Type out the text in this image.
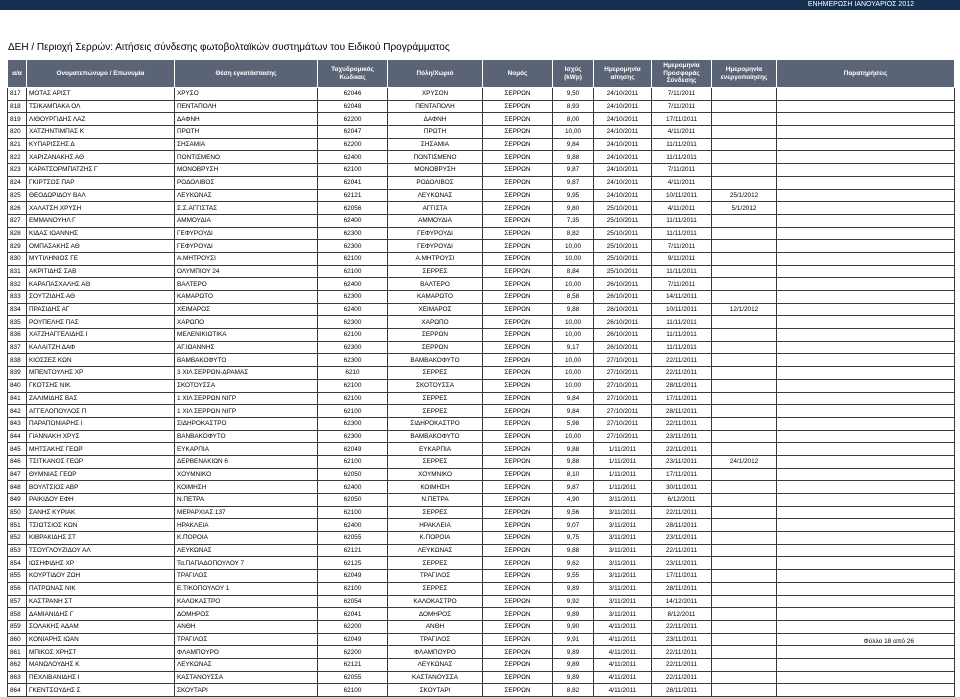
ΕΝΗΜΕΡΩΣΗ ΙΑΝΟΥΑΡΙΟΣ 2012
ΔΕΗ / Περιοχή Σερρών: Αιτήσεις σύνδεσης φωτοβολταϊκών συστημάτων του Ειδικού Προγράμματος
α/α	Ονοματεπώνυμο / Επωνυμία	Θέση εγκατάστασης	Ταχυδρομικός Κώδικας	Πόλη/Χωριό	Νομός	Ισχύς (kWp)	Ημερομηνία αίτησης	Ημερομηνία Προσφοράς Σύνδεσης	Ημερομηνία ενεργοποίησης	Παρατηρήσεις
817	ΜΟΤΑΣ ΑΡΙΣΤ	ΧΡΥΣΟ	62046	ΧΡΥΣΟΝ	ΣΕΡΡΩΝ	9,50	24/10/2011	7/11/2011		
818	ΤΣΙΚΑΜΠΑΚΑ ΟΛ	ΠΕΝΤΑΠΟΛΗ	62048	ΠΕΝΤΑΠΟΛΗ	ΣΕΡΡΩΝ	8,93	24/10/2011	7/11/2011		
819	ΛΙΘΟΥΡΓΙΔΗΣ ΛΑΖ	ΔΑΦΝΗ	62200	ΔΑΦΝΗ	ΣΕΡΡΩΝ	8,00	24/10/2011	17/11/2011		
820	ΧΑΤΖΗΝΤΙΜΠΑΣ Κ	ΠΡΩΤΗ	62047	ΠΡΩΤΗ	ΣΕΡΡΩΝ	10,00	24/10/2011	4/11/2011		
821	ΚΥΠΑΡΙΣΣΗΣ Δ	ΣΗΣΑΜΙΑ	62200	ΣΗΣΑΜΙΑ	ΣΕΡΡΩΝ	9,84	24/10/2011	11/11/2011		
822	ΧΑΡΙΖΑΝΑΚΗΣ ΑΘ	ΠΟΝΤΙΣΜΕΝΟ	62400	ΠΟΝΤΙΣΜΕΝΟ	ΣΕΡΡΩΝ	9,88	24/10/2011	11/11/2011		
823	ΚΑΡΑΤΣΟΡΜΠΑΤΖΗΣ Γ	ΜΟΝΟΒΡΥΣΗ	62100	ΜΟΝΟΒΡΥΣΗ	ΣΕΡΡΩΝ	9,87	24/10/2011	7/11/2011		
824	ΓΚΙΡΤΣΟΣ ΠΑΡ	ΡΟΔΟΛΙΒΟΣ	62041	ΡΟΔΟΛΙΒΟΣ	ΣΕΡΡΩΝ	9,87	24/10/2011	4/11/2011		
825	ΘΕΟΔΩΡΙΔΟΥ ΒΑΛ	ΛΕΥΚΩΝΑΣ	62121	ΛΕΥΚΩΝΑΣ	ΣΕΡΡΩΝ	9,95	24/10/2011	10/11/2011	25/1/2012	
826	ΧΑΛΑΤΣΗ ΧΡΥΣΗ	Σ.Σ.ΑΓΓΙΣΤΑΣ	62056	ΑΓΓΙΣΤΑ	ΣΕΡΡΩΝ	9,80	25/10/2011	4/11/2011	5/1/2012	
827	ΕΜΜΑΝΟΥΗΛ Γ	ΑΜΜΟΥΔΙΑ	62400	ΑΜΜΟΥΔΙΑ	ΣΕΡΡΩΝ	7,35	25/10/2011	11/11/2011		
828	ΚΙΔΑΣ ΙΩΑΝΝΗΣ	ΓΕΦΥΡΟΥΔΙ	62300	ΓΕΦΥΡΟΥΔΙ	ΣΕΡΡΩΝ	8,82	25/10/2011	11/11/2011		
829	ΟΜΠΑΣΑΚΗΣ ΑΘ	ΓΕΦΥΡΟΥΔΙ	62300	ΓΕΦΥΡΟΥΔΙ	ΣΕΡΡΩΝ	10,00	25/10/2011	7/11/2011		
830	ΜΥΤΙΛΗΝΙΟΣ ΓΕ	Α.ΜΗΤΡΟΥΣΙ	62100	Α.ΜΗΤΡΟΥΣΙ	ΣΕΡΡΩΝ	10,00	25/10/2011	9/11/2011		
831	ΑΚΡΙΤΙΔΗΣ ΣΑΒ	ΟΛΥΜΠΙΟΥ 24	62100	ΣΕΡΡΕΣ	ΣΕΡΡΩΝ	8,84	25/10/2011	11/11/2011		
832	ΚΑΡΑΠΑΣΧΑΛΗΣ ΑΘ	ΒΑΛΤΕΡΟ	62400	ΒΑΛΤΕΡΟ	ΣΕΡΡΩΝ	10,00	26/10/2011	7/11/2011		
833	ΣΟΥΤΖΙΔΗΣ ΑΘ	ΚΑΜΑΡΩΤΟ	62300	ΚΑΜΑΡΩΤΟ	ΣΕΡΡΩΝ	8,58	26/10/2011	14/11/2011		
834	ΠΡΑΣΙΔΗΣ ΑΓ	ΧΕΙΜΑΡΟΣ	62400	ΧΕΙΜΑΡΟΣ	ΣΕΡΡΩΝ	9,88	26/10/2011	10/11/2011	12/1/2012	
835	ΡΟΥΠΕΛΗΣ ΠΑΣ	ΧΑΡΩΠΟ	62300	ΧΑΡΩΠΟ	ΣΕΡΡΩΝ	10,00	26/10/2011	11/11/2011		
836	ΧΑΤΖΗΑΓΓΕΛΙΔΗΣ Ι	ΜΕΛΕΝΙΚΙΩΤΙΚΑ	62100	ΣΕΡΡΩΝ	ΣΕΡΡΩΝ	10,00	26/10/2011	11/11/2011		
837	ΚΑΛΑΙΤΖΗ ΔΑΦ	ΑΓ.ΙΩΑΝΝΗΣ	62300	ΣΕΡΡΩΝ	ΣΕΡΡΩΝ	9,17	26/10/2011	11/11/2011		
838	ΚΙΟΣΣΕΣ ΚΩΝ	ΒΑΜΒΑΚΟΦΥΤΟ	62300	ΒΑΜΒΑΚΟΦΥΤΟ	ΣΕΡΡΩΝ	10,00	27/10/2011	22/11/2011		
839	ΜΠΕΝΤΟΥΛΗΣ ΧΡ	3 ΧΙΛ ΣΕΡΡΩΝ-ΔΡΑΜΑΣ	6210	ΣΕΡΡΕΣ	ΣΕΡΡΩΝ	10,00	27/10/2011	22/11/2011		
840	ΓΚΟΤΣΗΣ ΝΙΚ	ΣΚΟΤΟΥΣΣΑ	62100	ΣΚΟΤΟΥΣΣΑ	ΣΕΡΡΩΝ	10,00	27/10/2011	28/11/2011		
841	ΖΑΛΙΜΙΔΗΣ ΒΑΣ	1 ΧΙΛ ΣΕΡΡΩΝ ΝΙΓΡ	62100	ΣΕΡΡΕΣ	ΣΕΡΡΩΝ	9,84	27/10/2011	17/11/2011		
842	ΑΓΓΕΛΟΠΟΥΛΟΣ Π	1 ΧΙΛ ΣΕΡΡΩΝ ΝΙΓΡ	62100	ΣΕΡΡΕΣ	ΣΕΡΡΩΝ	9,84	27/10/2011	28/11/2011		
843	ΠΑΡΑΠΟΝΙΑΡΗΣ Ι	ΣΙΔΗΡΟΚΑΣΤΡΟ	62300	ΣΙΔΗΡΟΚΑΣΤΡΟ	ΣΕΡΡΩΝ	5,98	27/10/2011	22/11/2011		
844	ΓΙΑΝΝΑΚΗ ΧΡΥΣ	ΒΑΝΒΑΚΟΦΥΤΟ	62300	ΒΑΜΒΑΚΟΦΥΤΟ	ΣΕΡΡΩΝ	10,00	27/10/2011	23/11/2011		
845	ΜΗΤΣΑΚΗΣ ΓΕΩΡ	ΕΥΚΑΡΠΙΑ	62049	ΕΥΚΑΡΠΙΑ	ΣΕΡΡΩΝ	9,88	1/11/2011	22/11/2011		
846	ΤΣΙΤΚΑΝΟΣ ΓΕΩΡ	ΔΕΡΒΕΝΑΚΙΩΝ 6	62100	ΣΕΡΡΕΣ	ΣΕΡΡΩΝ	9,88	1/11/2011	23/11/2011	24/1/2012	
847	ΘΥΜΝΙΑΣ ΓΕΩΡ	ΧΟΥΜΝΙΚΟ	62050	ΧΟΥΜΝΙΚΟ	ΣΕΡΡΩΝ	8,10	1/11/2011	17/11/2011		
848	ΒΟΥΛΤΣΙΟΣ ΑΒΡ	ΚΟΙΜΗΣΗ	62400	ΚΟΙΜΗΣΗ	ΣΕΡΡΩΝ	9,87	1/11/2011	30/11/2011		
849	ΡΑΙΚΙΔΟΥ ΕΦΗ	Ν.ΠΕΤΡΑ	62050	Ν.ΠΕΤΡΑ	ΣΕΡΡΩΝ	4,90	3/11/2011	6/12/2011		
850	ΣΑΝΗΣ ΚΥΡΙΑΚ	ΜΕΡΑΡΧΙΑΣ 137	62100	ΣΕΡΡΕΣ	ΣΕΡΡΩΝ	9,56	3/11/2011	22/11/2011		
851	ΤΣΙΩΤΣΙΟΣ ΚΩΝ	ΗΡΑΚΛΕΙΑ	62400	ΗΡΑΚΛΕΙΑ	ΣΕΡΡΩΝ	9,07	3/11/2011	28/11/2011		
852	ΚΙΒΡΑΚΙΔΗΣ ΣΤ	Κ.ΠΟΡΟΙΑ	62055	Κ.ΠΟΡΟΙΑ	ΣΕΡΡΩΝ	9,75	3/11/2011	23/11/2011		
853	ΤΣΟΥΓΛΟΥΖΙΔΟΥ ΑΛ	ΛΕΥΚΩΝΑΣ	62121	ΛΕΥΚΩΝΑΣ	ΣΕΡΡΩΝ	9,88	3/11/2011	22/11/2011		
854	ΙΩΣΗΦΙΔΗΣ ΧΡ	Τα.ΠΑΠΑΔΟΠΟΥΛΟΥ 7	62125	ΣΕΡΡΕΣ	ΣΕΡΡΩΝ	9,62	3/11/2011	23/11/2011		
855	ΚΟΥΡΤΙΔΟΥ ΖΩΗ	ΤΡΑΓΙΛΟΣ	62049	ΤΡΑΓΙΛΟΣ	ΣΕΡΡΩΝ	9,55	3/11/2011	17/11/2011		
856	ΠΑΤΡΩΝΑΣ ΝΙΚ	Ε.ΤΙΚΟΠΟΥΛΟΥ 1	62100	ΣΕΡΡΕΣ	ΣΕΡΡΩΝ	9,89	3/11/2011	28/11/2011		
857	ΚΑΣΤΡΑΝΗ ΣΤ	ΚΑΛΟΚΑΣΤΡΟ	62054	ΚΑΛΟΚΑΣΤΡΟ	ΣΕΡΡΩΝ	9,92	3/11/2011	14/12/2011		
858	ΔΑΜΙΑΝΙΔΗΣ Γ	ΔΟΜΗΡΟΣ	62041	ΔΟΜΗΡΟΣ	ΣΕΡΡΩΝ	9,89	3/11/2011	8/12/2011		
859	ΣΟΛΑΚΗΣ ΑΔΑΜ	ΑΝΘΗ	62200	ΑΝΘΗ	ΣΕΡΡΩΝ	9,90	4/11/2011	22/11/2011		
860	ΚΟΝΙΑΡΗΣ ΙΩΑΝ	ΤΡΑΓΙΛΟΣ	62049	ΤΡΑΓΙΛΟΣ	ΣΕΡΡΩΝ	9,91	4/11/2011	23/11/2011		
861	ΜΠΙΚΟΣ ΧΡΗΣΤ	ΦΛΑΜΠΟΥΡΟ	62200	ΦΛΑΜΠΟΥΡΟ	ΣΕΡΡΩΝ	9,89	4/11/2011	22/11/2011		
862	ΜΑΝΩΛΟΥΔΗΣ Κ	ΛΕΥΚΩΝΑΣ	62121	ΛΕΥΚΩΝΑΣ	ΣΕΡΡΩΝ	9,89	4/11/2011	22/11/2011		
863	ΠΕΧΛΙΒΑΝΙΔΗΣ Ι	ΚΑΣΤΑΝΟΥΣΣΑ	62055	ΚΑΣΤΑΝΟΥΣΣΑ	ΣΕΡΡΩΝ	9,89	4/11/2011	22/11/2011		
864	ΓΚΕΝΤΣΟΥΔΗΣ Σ	ΣΚΟΥΤΑΡΙ	62100	ΣΚΟΥΤΑΡΙ	ΣΕΡΡΩΝ	8,82	4/11/2011	28/11/2011		
Φύλλο 18 από 26
